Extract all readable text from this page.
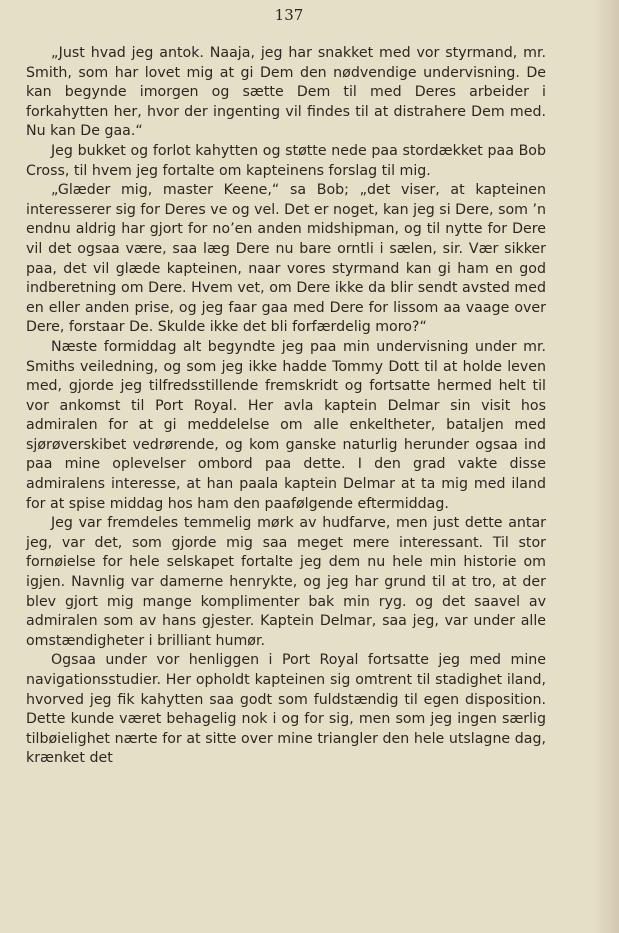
137

„Just hvad jeg antok. Naaja, jeg har snakket med vor styrmand, mr. Smith, som har lovet mig at gi Dem den nødvendige undervisning. De kan begynde imorgen og sætte Dem til med Deres arbeider i forkahytten her, hvor der ingenting vil findes til at distrahere Dem med. Nu kan De gaa.“

Jeg bukket og forlot kahytten og støtte nede paa stordækket paa Bob Cross, til hvem jeg fortalte om kapteinens forslag til mig.

„Glæder mig, master Keene,“ sa Bob; „det viser, at kapteinen interesserer sig for Deres ve og vel. Det er noget, kan jeg si Dere, som ’n endnu aldrig har gjort for no’en anden midshipman, og til nytte for Dere vil det ogsaa være, saa læg Dere nu bare orntli i sælen, sir. Vær sikker paa, det vil glæde kapteinen, naar vores styrmand kan gi ham en god indberetning om Dere. Hvem vet, om Dere ikke da blir sendt avsted med en eller anden prise, og jeg faar gaa med Dere for lissom aa vaage over Dere, forstaar De. Skulde ikke det bli forfærdelig moro?“

Næste formiddag alt begyndte jeg paa min undervisning under mr. Smiths veiledning, og som jeg ikke hadde Tommy Dott til at holde leven med, gjorde jeg tilfredsstillende fremskridt og fortsatte hermed helt til vor ankomst til Port Royal. Her avla kaptein Delmar sin visit hos admiralen for at gi meddelelse om alle enkeltheter, bataljen med sjørøverskibet vedrørende, og kom ganske naturlig herunder ogsaa ind paa mine oplevelser ombord paa dette. I den grad vakte disse admiralens interesse, at han paala kaptein Delmar at ta mig med iland for at spise middag hos ham den paafølgende eftermiddag.

Jeg var fremdeles temmelig mørk av hudfarve, men just dette antar jeg, var det, som gjorde mig saa meget mere interessant. Til stor fornøielse for hele selskapet fortalte jeg dem nu hele min historie om igjen. Navnlig var damerne henrykte, og jeg har grund til at tro, at der blev gjort mig mange komplimenter bak min ryg. og det saavel av admiralen som av hans gjester. Kaptein Delmar, saa jeg, var under alle omstændigheter i brilliant humør.

Ogsaa under vor henliggen i Port Royal fortsatte jeg med mine navigationsstudier. Her opholdt kapteinen sig omtrent til stadighet iland, hvorved jeg fik kahytten saa godt som fuldstændig til egen disposition. Dette kunde været behagelig nok i og for sig, men som jeg ingen særlig tilbøielighet nærte for at sitte over mine triangler den hele utslagne dag, krænket det
